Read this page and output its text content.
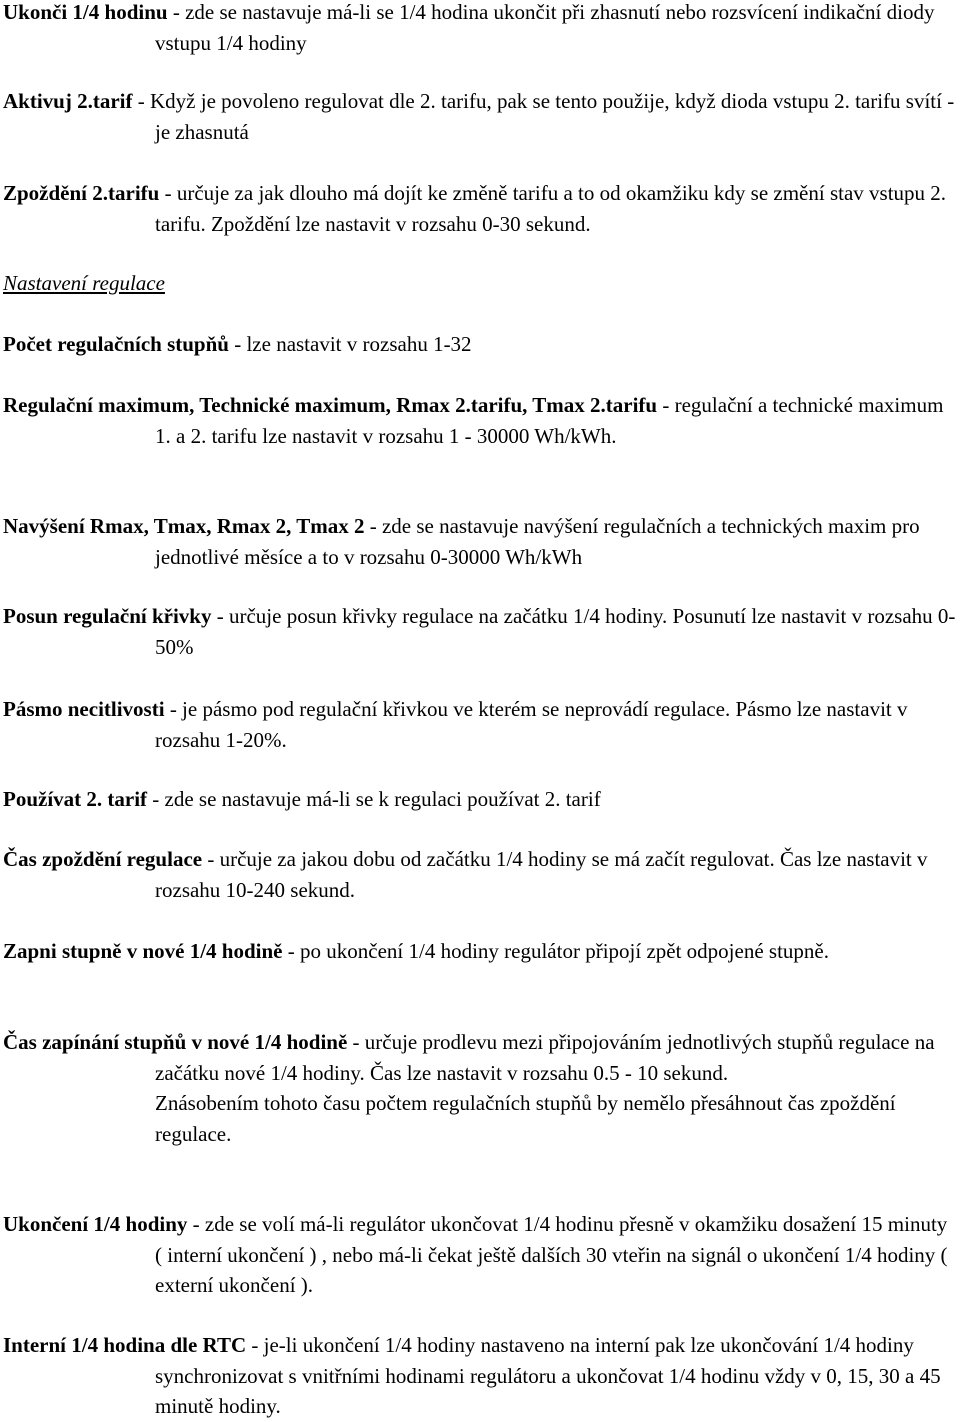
Ukonči 1/4 hodinu - zde se nastavuje má-li se 1/4 hodina ukončit při zhasnutí nebo rozsvícení indikační diody vstupu 1/4 hodiny
Aktivuj 2.tarif - Když je povoleno regulovat dle 2. tarifu, pak se tento použije, když dioda vstupu 2. tarifu svítí - je zhasnutá
Zpoždění 2.tarifu - určuje za jak dlouho má dojít ke změně tarifu a to od okamžiku kdy se změní stav vstupu 2. tarifu. Zpoždění lze nastavit v rozsahu 0-30 sekund.
Nastavení regulace
Počet regulačních stupňů - lze nastavit v rozsahu 1-32
Regulační maximum, Technické maximum, Rmax 2.tarifu, Tmax 2.tarifu - regulační a technické maximum 1. a 2. tarifu lze nastavit v rozsahu 1 - 30000 Wh/kWh.
Navýšení Rmax, Tmax, Rmax 2, Tmax 2 - zde se nastavuje navýšení regulačních a technických maxim pro jednotlivé měsíce a to v rozsahu 0-30000 Wh/kWh
Posun regulační křivky - určuje posun křivky regulace na začátku 1/4 hodiny. Posunutí lze nastavit v rozsahu 0-50%
Pásmo necitlivosti - je pásmo pod regulační křivkou ve kterém se neprovádí regulace. Pásmo lze nastavit v rozsahu 1-20%.
Používat 2. tarif - zde se nastavuje má-li se k regulaci používat 2. tarif
Čas zpoždění regulace - určuje za jakou dobu od začátku 1/4 hodiny se má začít regulovat. Čas lze nastavit v rozsahu 10-240 sekund.
Zapni stupně v nové 1/4 hodině - po ukončení 1/4 hodiny regulátor připojí zpět odpojené stupně.
Čas zapínání stupňů v nové 1/4 hodině - určuje prodlevu mezi připojováním jednotlivých stupňů regulace na začátku nové 1/4 hodiny. Čas lze nastavit v rozsahu 0.5 - 10 sekund.
Znásobením tohoto času počtem regulačních stupňů by nemělo přesáhnout čas zpoždění regulace.
Ukončení 1/4 hodiny - zde se volí má-li regulátor ukončovat 1/4 hodinu přesně v okamžiku dosažení 15 minuty ( interní ukončení ) , nebo má-li čekat ještě dalších 30 vteřin na signál o ukončení 1/4 hodiny ( externí ukončení ).
Interní 1/4 hodina dle RTC - je-li ukončení 1/4 hodiny nastaveno na interní pak lze ukončování 1/4 hodiny synchronizovat s vnitřními hodinami regulátoru a ukončovat 1/4 hodinu vždy v 0, 15, 30 a 45 minutě hodiny.
